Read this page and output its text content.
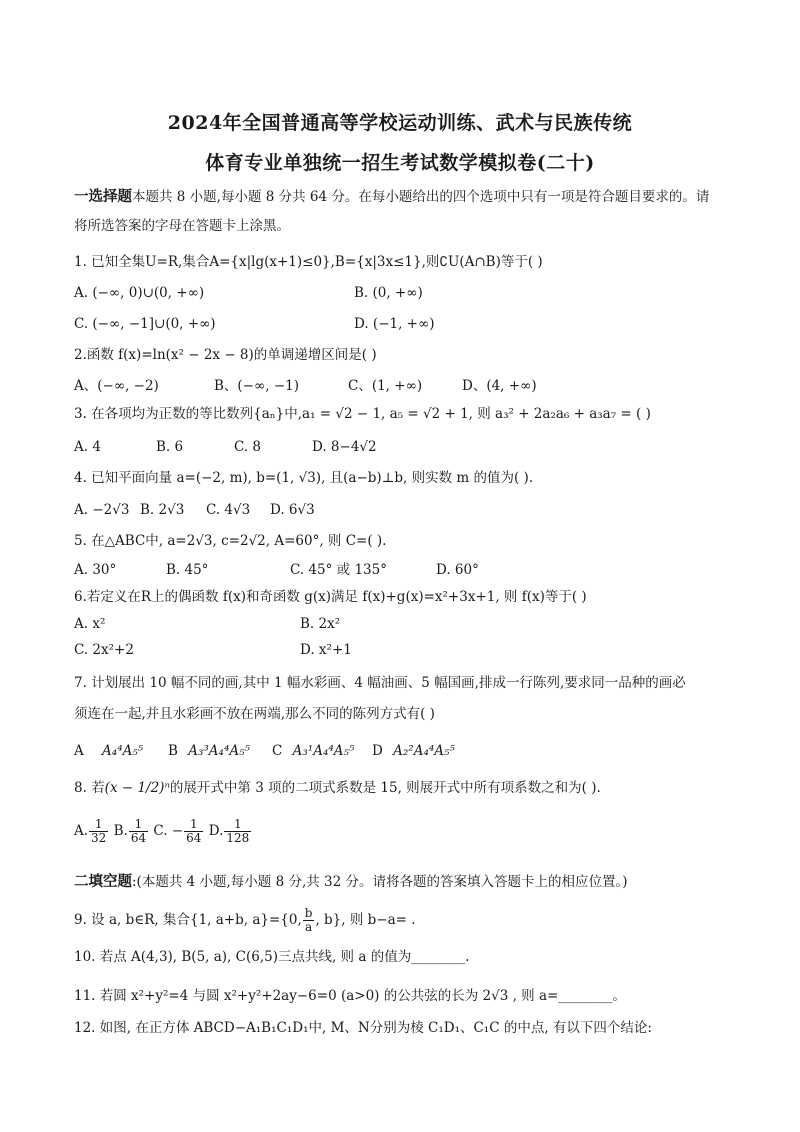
2024年全国普通高等学校运动训练、武术与民族传统
体育专业单独统一招生考试数学模拟卷(二十)
一选择题本题共 8 小题,每小题 8 分共 64 分。在每小题给出的四个选项中只有一项是符合题目要求的。请
将所选答案的字母在答题卡上涂黑。
1. 已知全集U=R,集合A={x|lg(x+1)≤0},B={x|3x≤1},则∁U(A∩B)等于( )
A. (−∞, 0)∪(0, +∞)	B. (0, +∞)
C. (−∞, −1]∪(0, +∞)	D. (−1, +∞)
2.函数 f(x)=ln(x² − 2x − 8)的单调递增区间是( )
A、(−∞, −2)	B、(−∞, −1)	C、(1, +∞)	D、(4, +∞)
3. 在各项均为正数的等比数列{aₙ}中,a₁ = √2 − 1, a₅ = √2 + 1, 则 a₃² + 2a₂a₆ + a₃a₇ = ( )
A. 4	B. 6	C. 8	D. 8−4√2
4. 已知平面向量 a=(−2, m), b=(1, √3), 且(a−b)⊥b, 则实数 m 的值为( ).
A. −2√3 B. 2√3 C. 4√3 D. 6√3
5. 在△ABC中, a=2√3, c=2√2, A=60°, 则 C=( ).
A. 30°	B. 45°	C. 45° 或 135°	D. 60°
6.若定义在R上的偶函数 f(x)和奇函数 g(x)满足 f(x)+g(x)=x²+3x+1, 则 f(x)等于( )
A. x²	B. 2x²
C. 2x²+2	D. x²+1
7. 计划展出 10 幅不同的画,其中 1 幅水彩画、4 幅油画、5 幅国画,排成一行陈列,要求同一品种的画必
须连在一起,并且水彩画不放在两端,那么不同的陈列方式有( )
A A₄⁴A₅⁵ B A₃³A₄⁴A₅⁵ C A₃¹A₄⁴A₅⁵ D A₂²A₄⁴A₅⁵
8. 若(x − 1/2)ⁿ的展开式中第 3 项的二项式系数是 15, 则展开式中所有项系数之和为( ).
A. $\frac{1}{32} B$. $\frac{1}{64} C$. − $\frac{1}{64} D$. $\frac{1}{128}$
二填空题:(本题共 4 小题,每小题 8 分,共 32 分。请将各题的答案填入答题卡上的相应位置。)
9. 设 a, b∈R, 集合{1, a+b, a}={0, $\frac{b}{a}$ , b}, 则 b−a= .
10. 若点 A(4,3), B(5, a), C(6,5)三点共线, 则 a 的值为________.
11. 若圆 x²+y²=4 与圆 x²+y²+2ay−6=0 (a>0) 的公共弦的长为 2√3 , 则 a=________。
12. 如图, 在正方体 ABCD−A₁B₁C₁D₁中, M、N分别为棱 C₁D₁、C₁C 的中点, 有以下四个结论:
